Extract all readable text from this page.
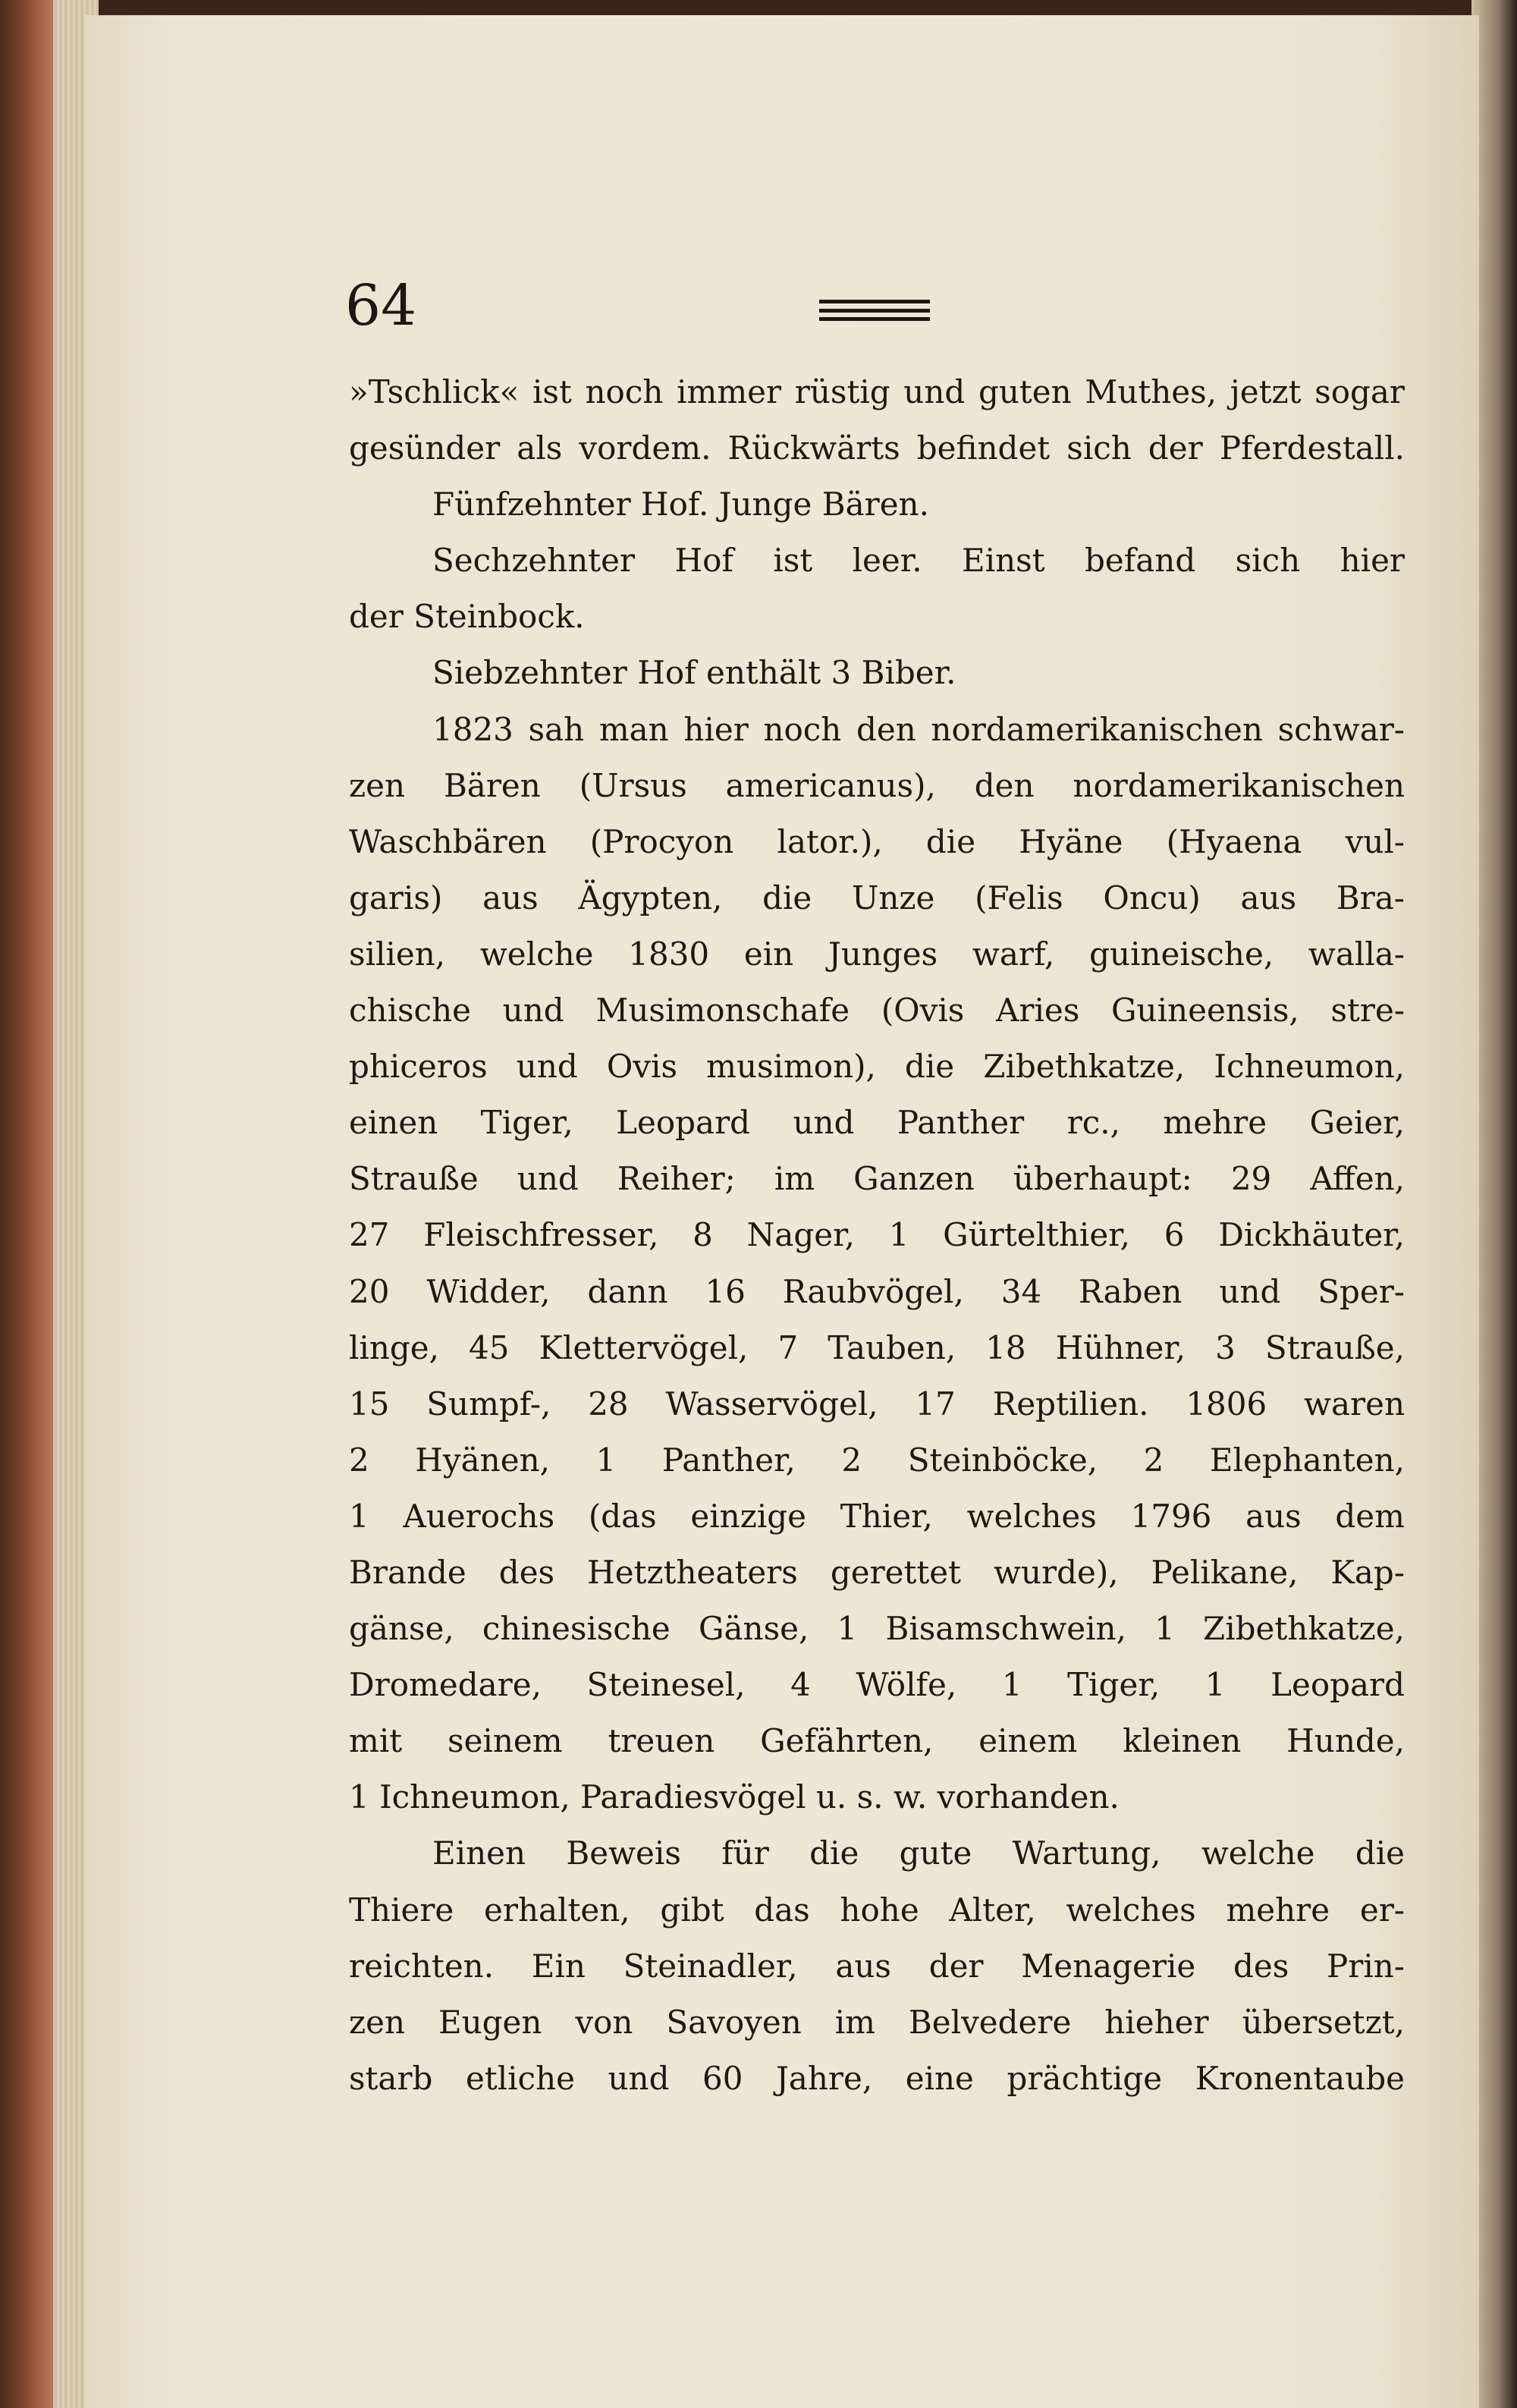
64
»Tschlick« ist noch immer rüstig und guten Muthes, jetzt sogar
gesünder als vordem. Rückwärts befindet sich der Pferdestall.
Fünfzehnter Hof. Junge Bären.
Sechzehnter Hof ist leer. Einst befand sich hier
der Steinbock.
Siebzehnter Hof enthält 3 Biber.
1823 sah man hier noch den nordamerikanischen schwar-
zen Bären (Ursus americanus), den nordamerikanischen
Waschbären (Procyon lator.), die Hyäne (Hyaena vul-
garis) aus Ägypten, die Unze (Felis Oncu) aus Bra-
silien, welche 1830 ein Junges warf, guineische, walla-
chische und Musimonschafe (Ovis Aries Guineensis, stre-
phiceros und Ovis musimon), die Zibethkatze, Ichneumon,
einen Tiger, Leopard und Panther rc., mehre Geier,
Strauße und Reiher; im Ganzen überhaupt: 29 Affen,
27 Fleischfresser, 8 Nager, 1 Gürtelthier, 6 Dickhäuter,
20 Widder, dann 16 Raubvögel, 34 Raben und Sper-
linge, 45 Klettervögel, 7 Tauben, 18 Hühner, 3 Strauße,
15 Sumpf-, 28 Wasservögel, 17 Reptilien. 1806 waren
2 Hyänen, 1 Panther, 2 Steinböcke, 2 Elephanten,
1 Auerochs (das einzige Thier, welches 1796 aus dem
Brande des Hetztheaters gerettet wurde), Pelikane, Kap-
gänse, chinesische Gänse, 1 Bisamschwein, 1 Zibethkatze,
Dromedare, Steinesel, 4 Wölfe, 1 Tiger, 1 Leopard
mit seinem treuen Gefährten, einem kleinen Hunde,
1 Ichneumon, Paradiesvögel u. s. w. vorhanden.
Einen Beweis für die gute Wartung, welche die
Thiere erhalten, gibt das hohe Alter, welches mehre er-
reichten. Ein Steinadler, aus der Menagerie des Prin-
zen Eugen von Savoyen im Belvedere hieher übersetzt,
starb etliche und 60 Jahre, eine prächtige Kronentaube
